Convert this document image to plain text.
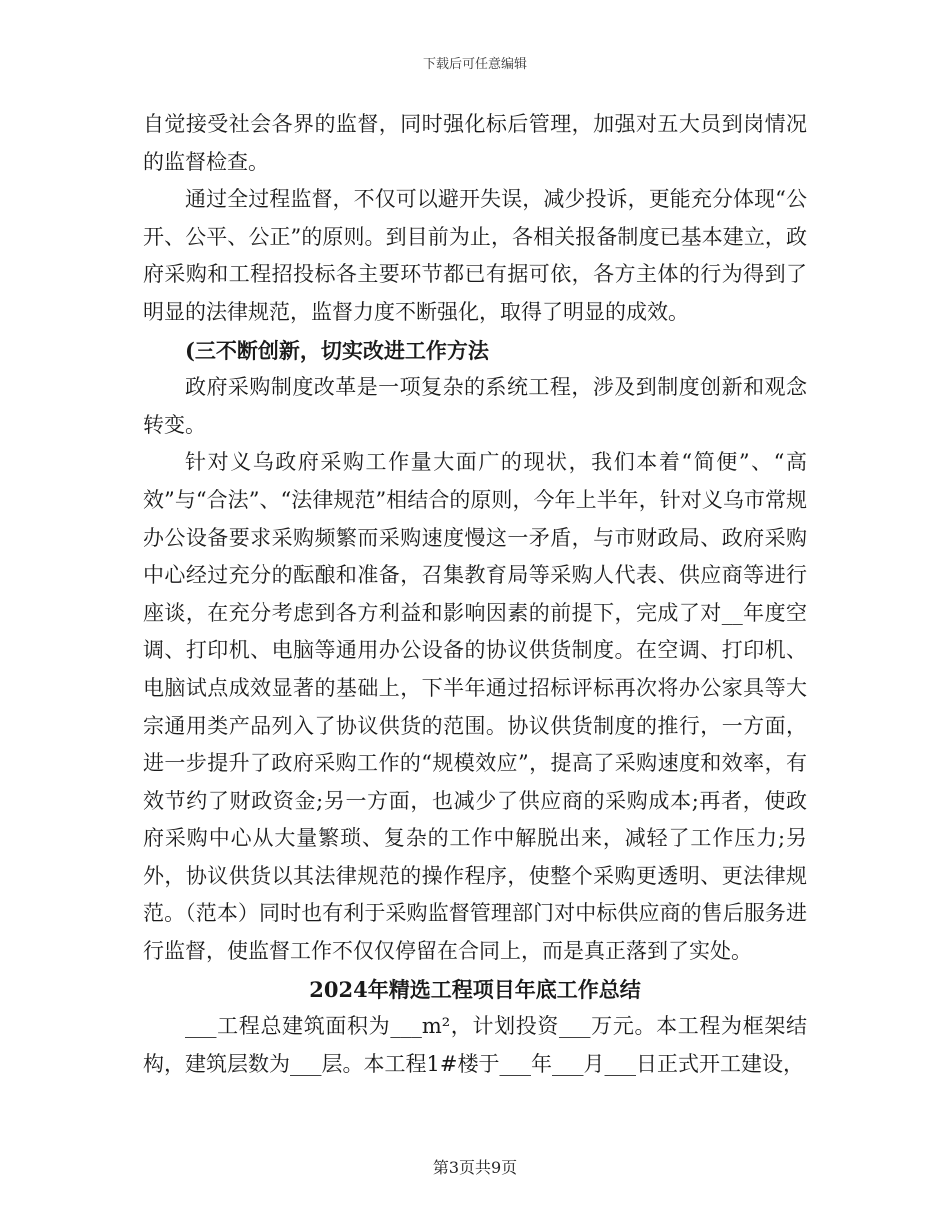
下载后可任意编辑

自觉接受社会各界的监督，同时强化标后管理，加强对五大员到岗情况的监督检查。

通过全过程监督，不仅可以避开失误，减少投诉，更能充分体现“公开、公平、公正”的原则。到目前为止，各相关报备制度已基本建立，政府采购和工程招投标各主要环节都已有据可依，各方主体的行为得到了明显的法律规范，监督力度不断强化，取得了明显的成效。

(三不断创新，切实改进工作方法

政府采购制度改革是一项复杂的系统工程，涉及到制度创新和观念转变。

针对义乌政府采购工作量大面广的现状，我们本着“简便”、“高效”与“合法”、“法律规范”相结合的原则，今年上半年，针对义乌市常规办公设备要求采购频繁而采购速度慢这一矛盾，与市财政局、政府采购中心经过充分的酝酿和准备，召集教育局等采购人代表、供应商等进行座谈，在充分考虑到各方利益和影响因素的前提下，完成了对__年度空调、打印机、电脑等通用办公设备的协议供货制度。在空调、打印机、电脑试点成效显著的基础上，下半年通过招标评标再次将办公家具等大宗通用类产品列入了协议供货的范围。协议供货制度的推行，一方面，进一步提升了政府采购工作的“规模效应”，提高了采购速度和效率，有效节约了财政资金;另一方面，也减少了供应商的采购成本;再者，使政府采购中心从大量繁琐、复杂的工作中解脱出来，减轻了工作压力;另外，协议供货以其法律规范的操作程序，使整个采购更透明、更法律规范。（范本）同时也有利于采购监督管理部门对中标供应商的售后服务进行监督，使监督工作不仅仅停留在合同上，而是真正落到了实处。

2024年精选工程项目年底工作总结

___工程总建筑面积为___m²，计划投资___万元。本工程为框架结构，建筑层数为___层。本工程1#楼于___年___月___日正式开工建设，

第3页共9页
